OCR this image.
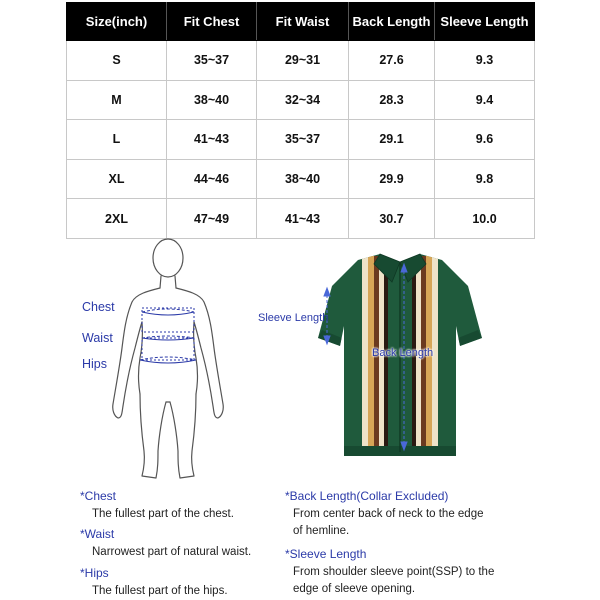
Size(inch)	Fit Chest	Fit Waist	Back Length	Sleeve Length
S	35~37	29~31	27.6	9.3
M	38~40	32~34	28.3	9.4
L	41~43	35~37	29.1	9.6
XL	44~46	38~40	29.9	9.8
2XL	47~49	41~43	30.7	10.0
Chest
Waist
Hips
Sleeve Length
Back Length
*Chest
The fullest part of the chest.
*Waist
Narrowest part of natural waist.
*Hips
The fullest part of the hips.
*Back Length(Collar Excluded)
From center back of neck to the edge
of hemline.
*Sleeve Length
From shoulder sleeve point(SSP) to the
edge of sleeve opening.
